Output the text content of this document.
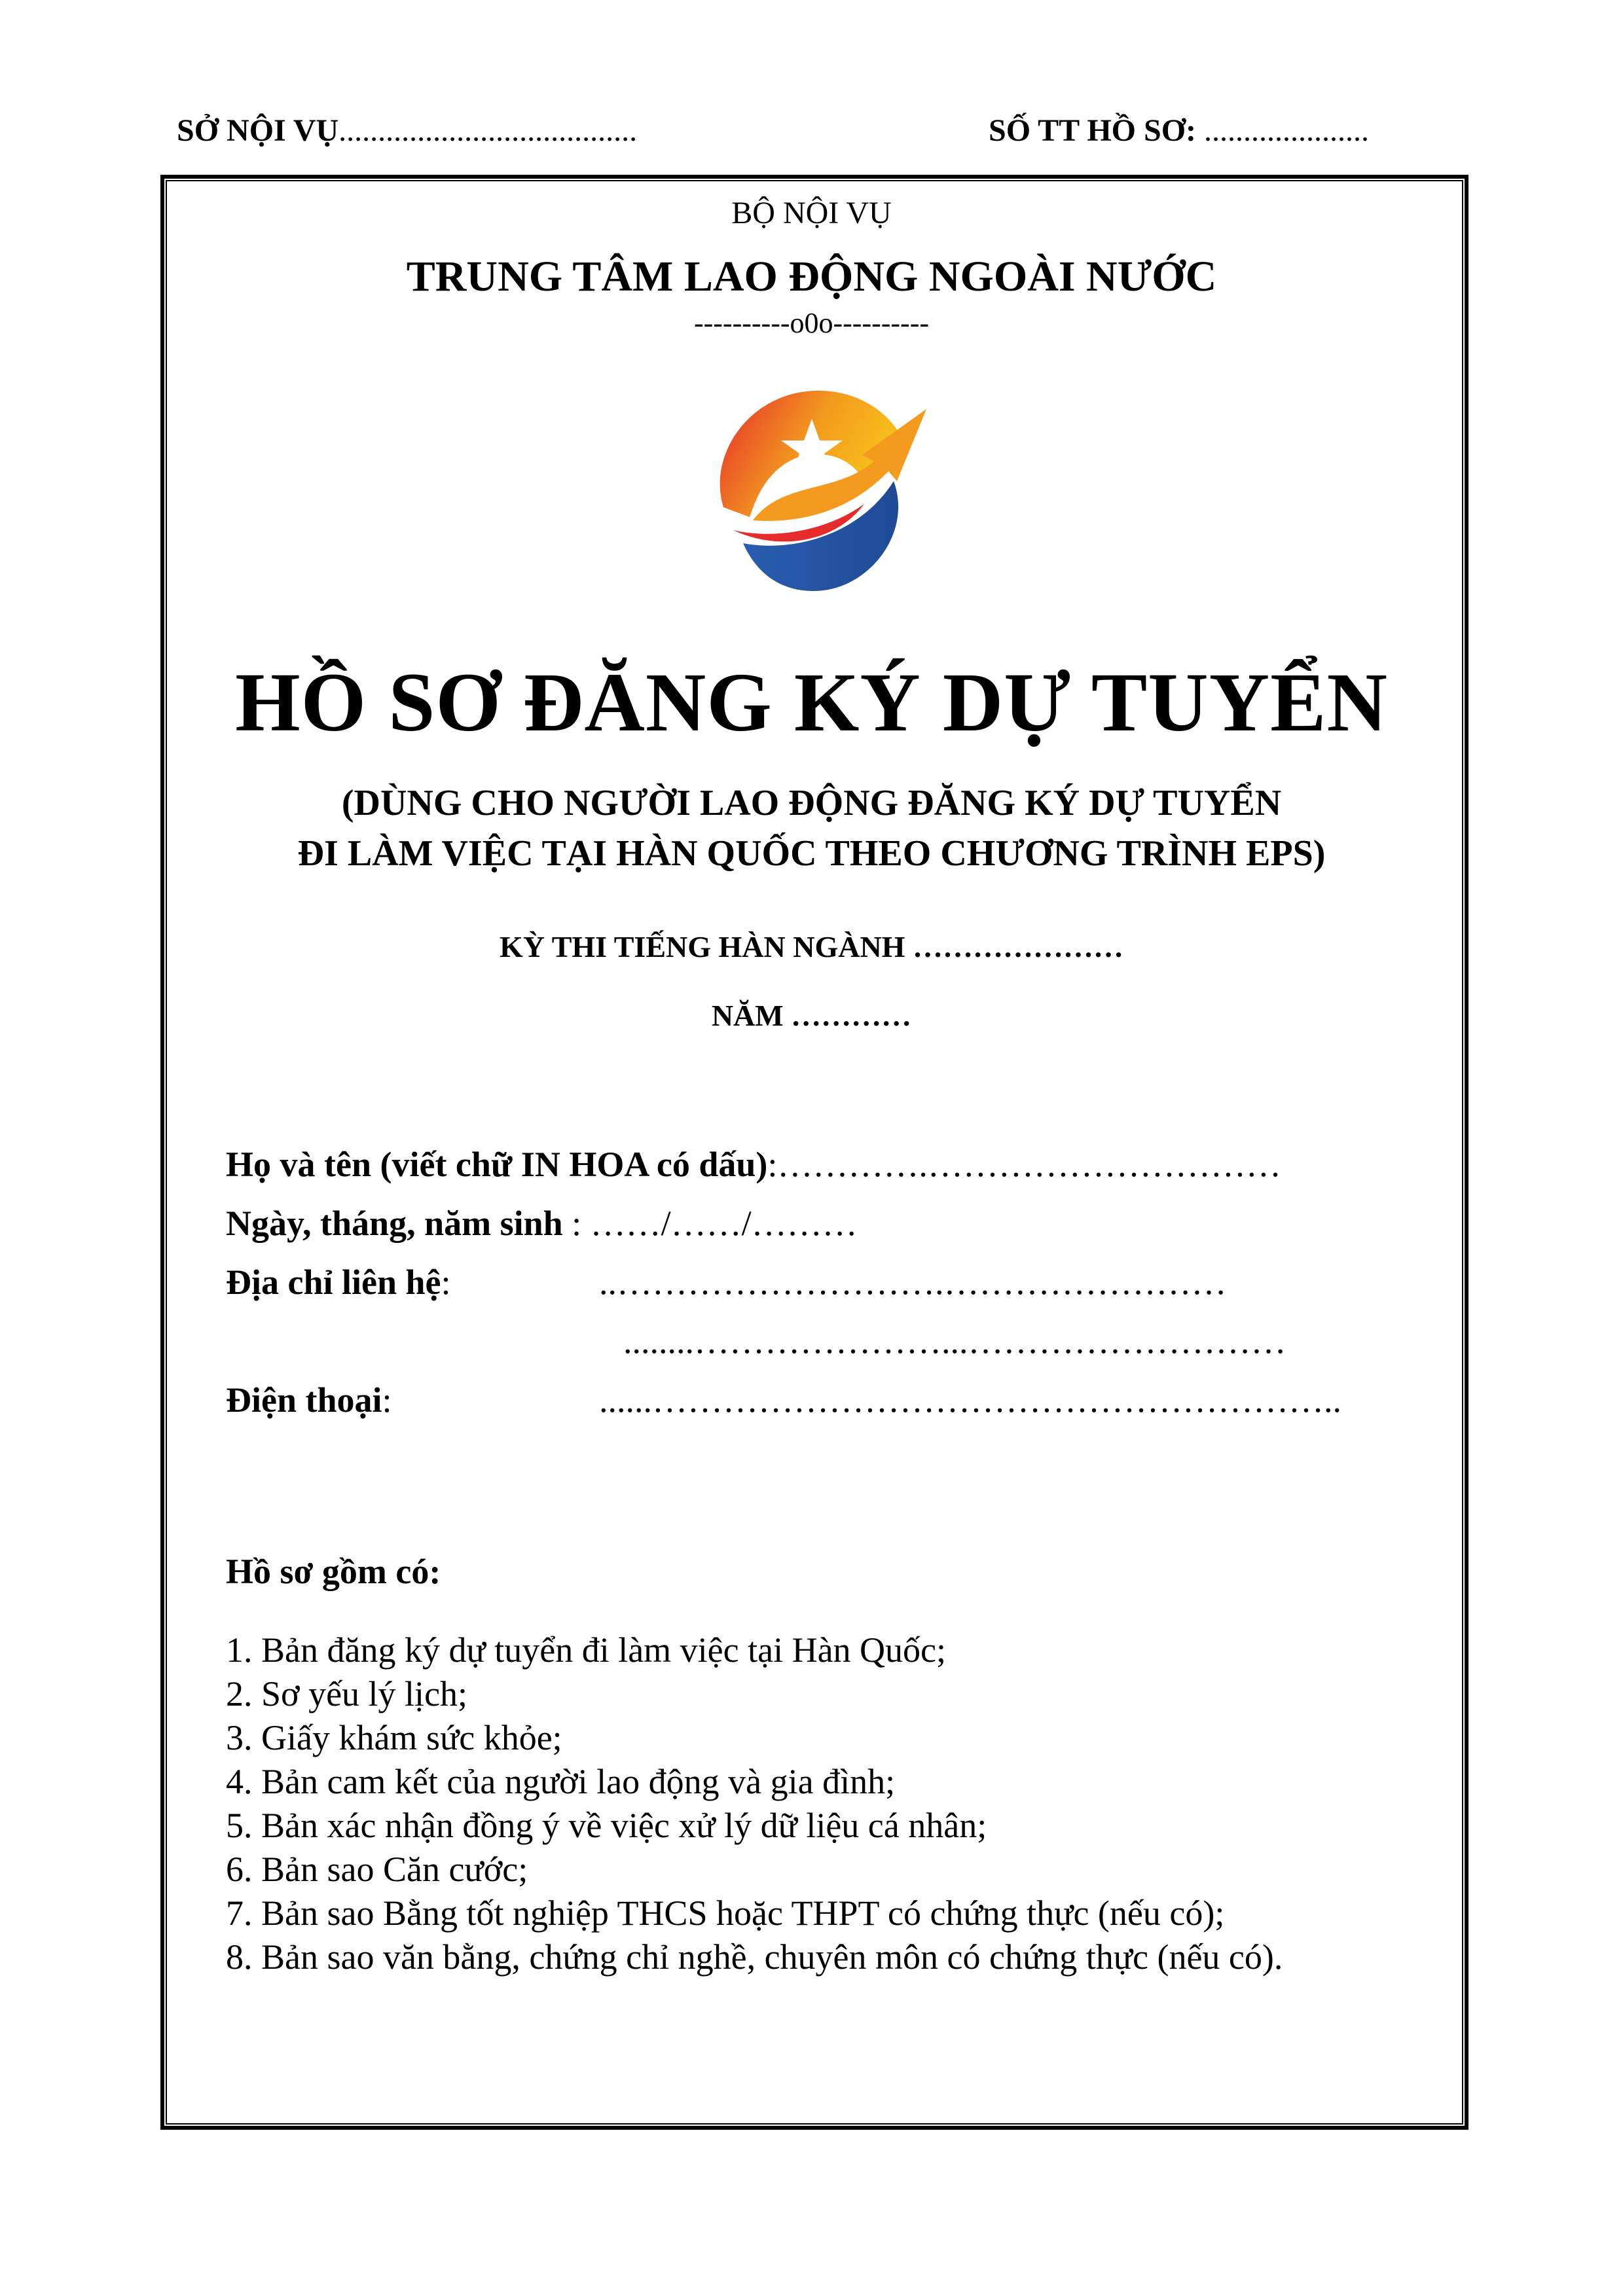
SỞ NỘI VỤ......................................	SỐ TT HỒ SƠ: .....................
BỘ NỘI VỤ
TRUNG TÂM LAO ĐỘNG NGOÀI NƯỚC
----------o0o----------
HỒ SƠ ĐĂNG KÝ DỰ TUYỂN
(DÙNG CHO NGƯỜI LAO ĐỘNG ĐĂNG KÝ DỰ TUYỂN
ĐI LÀM VIỆC TẠI HÀN QUỐC THEO CHƯƠNG TRÌNH EPS)
KỲ THI TIẾNG HÀN NGÀNH …………………
NĂM …………
Họ và tên (viết chữ IN HOA có dấu):………….…………………………
Ngày, tháng, năm sinh : ……/……/………
Địa chỉ liên hệ:	..……………………….……………………
........…………………...………………………
Điện thoại:	......…………………………………………………..
Hồ sơ gồm có:
1. Bản đăng ký dự tuyển đi làm việc tại Hàn Quốc;
2. Sơ yếu lý lịch;
3. Giấy khám sức khỏe;
4. Bản cam kết của người lao động và gia đình;
5. Bản xác nhận đồng ý về việc xử lý dữ liệu cá nhân;
6. Bản sao Căn cước;
7. Bản sao Bằng tốt nghiệp THCS hoặc THPT có chứng thực (nếu có);
8. Bản sao văn bằng, chứng chỉ nghề, chuyên môn có chứng thực (nếu có).
